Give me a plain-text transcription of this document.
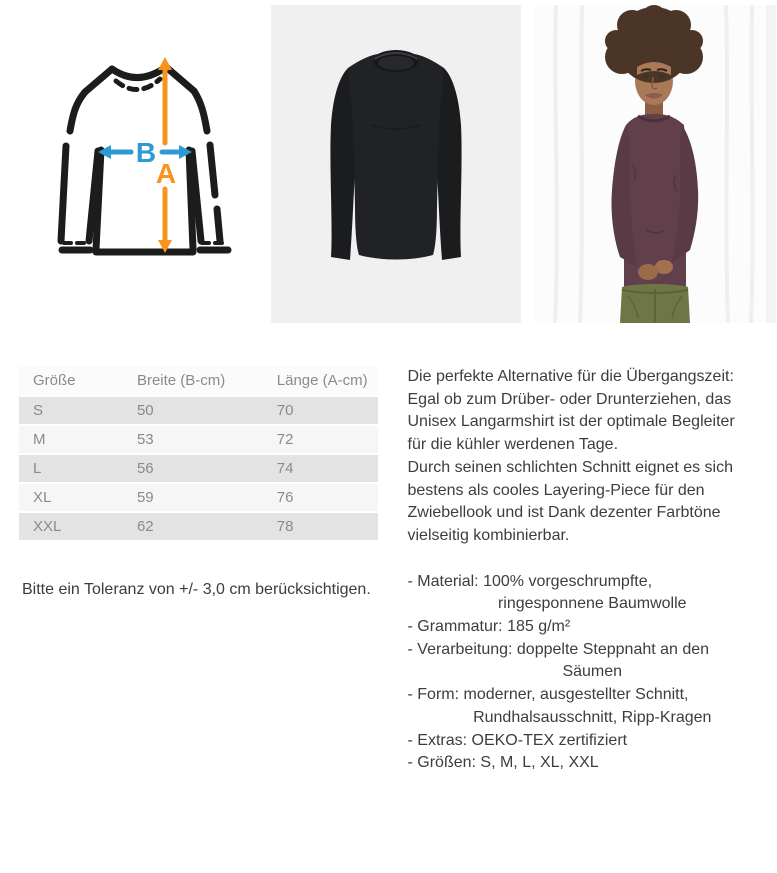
B
A
Größe	Breite (B-cm)	Länge (A-cm)
S	50	70
M	53	72
L	56	74
XL	59	76
XXL	62	78
Bitte ein Toleranz von +/- 3,0 cm berücksichtigen.
Die perfekte Alternative für die Übergangszeit:
Egal ob zum Drüber- oder Drunterziehen, das
Unisex Langarmshirt ist der optimale Begleiter
für die kühler werdenen Tage.
Durch seinen schlichten Schnitt eignet es sich
bestens als cooles Layering-Piece für den
Zwiebellook und ist Dank dezenter Farbtöne
vielseitig kombinierbar.
- Material: 100% vorgeschrumpfte,
ringesponnene Baumwolle
- Grammatur: 185 g/m²
- Verarbeitung: doppelte Steppnaht an den
Säumen
- Form: moderner, ausgestellter Schnitt,
Rundhalsausschnitt, Ripp-Kragen
- Extras: OEKO-TEX zertifiziert
- Größen: S, M, L, XL, XXL
